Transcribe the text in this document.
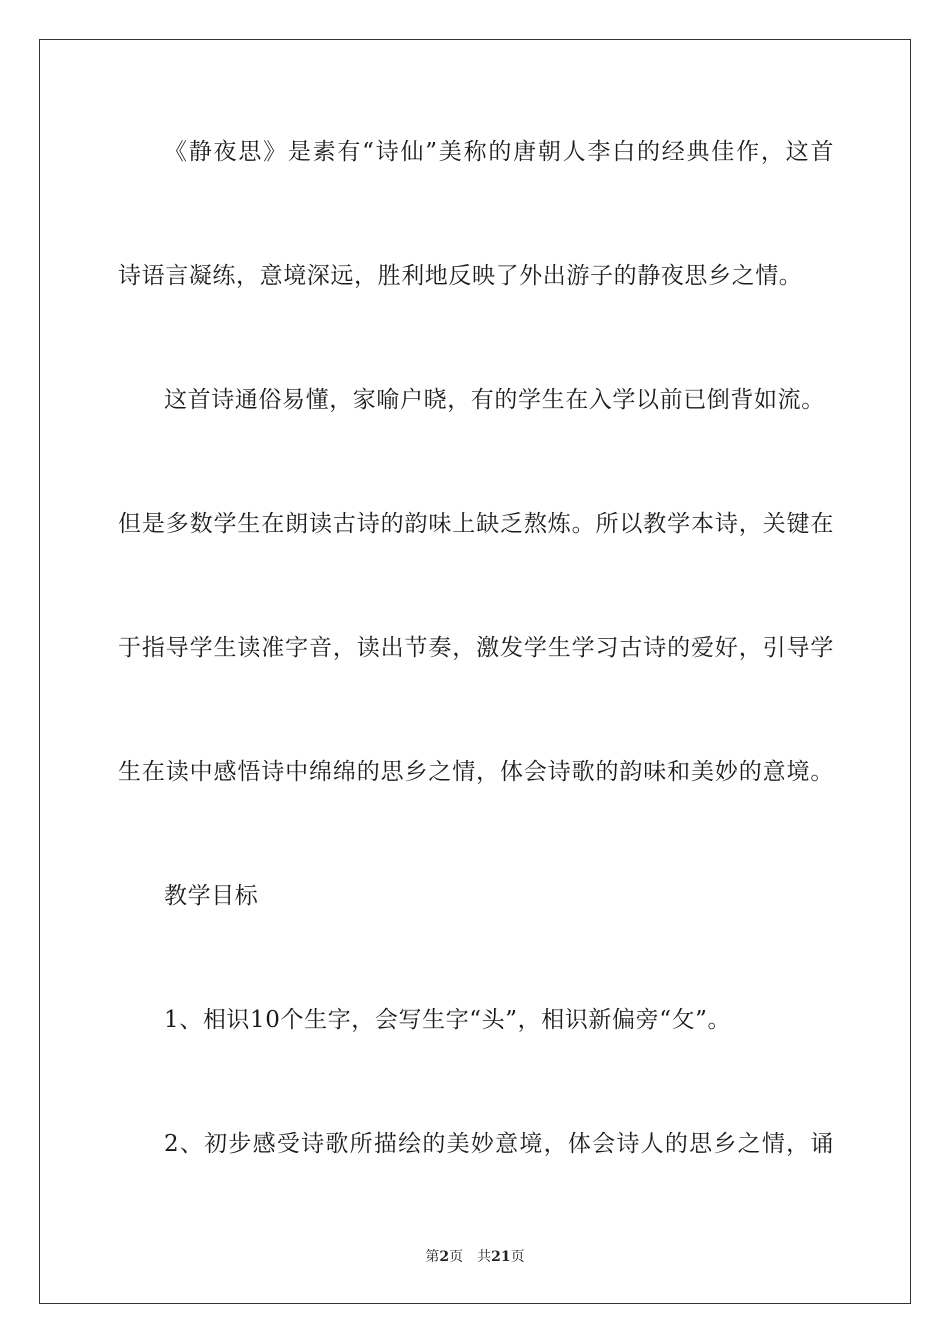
《静夜思》是素有“诗仙”美称的唐朝人李白的经典佳作，这首
诗语言凝练，意境深远，胜利地反映了外出游子的静夜思乡之情。
这首诗通俗易懂，家喻户晓，有的学生在入学以前已倒背如流。
但是多数学生在朗读古诗的韵味上缺乏熬炼。所以教学本诗，关键在
于指导学生读准字音，读出节奏，激发学生学习古诗的爱好，引导学
生在读中感悟诗中绵绵的思乡之情，体会诗歌的韵味和美妙的意境。
教学目标
1、相识10个生字，会写生字“头”，相识新偏旁“攵”。
2、初步感受诗歌所描绘的美妙意境，体会诗人的思乡之情，诵
第2页 共21页
